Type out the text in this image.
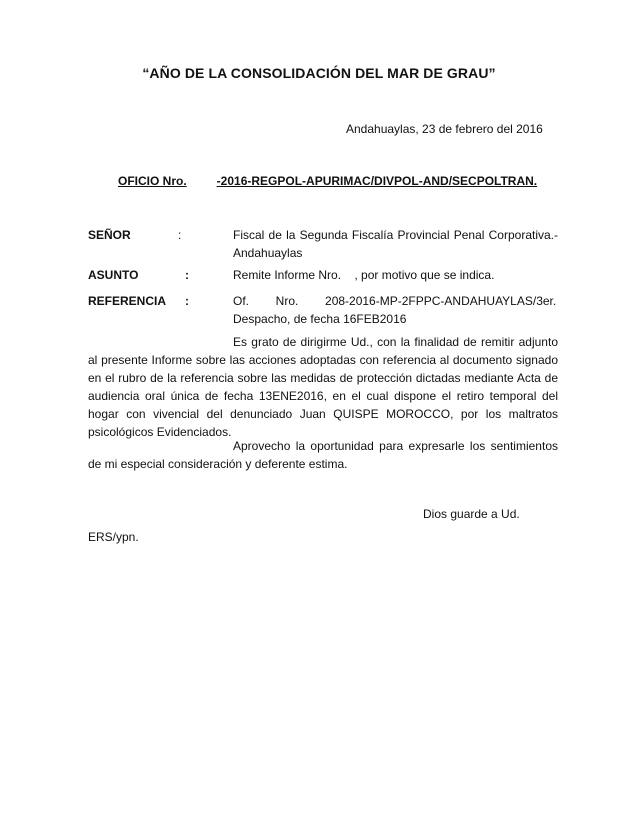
“AÑO DE LA CONSOLIDACIÓN DEL MAR DE GRAU”
Andahuaylas, 23 de febrero del 2016
OFICIO Nro.	-2016-REGPOL-APURIMAC/DIVPOL-AND/SECPOLTRAN.
SEÑOR	:	Fiscal de la Segunda Fiscalía Provincial Penal Corporativa.-
Andahuaylas
ASUNTO	:	Remite Informe Nro.    , por motivo que se indica.
REFERENCIA :	Of.        Nro.        208-2016-MP-2FPPC-ANDAHUAYLAS/3er.
Despacho, de fecha 16FEB2016
Es grato de dirigirme Ud., con la finalidad de remitir adjunto al presente Informe sobre las acciones adoptadas con referencia al documento signado en el rubro de la referencia sobre las medidas de protección dictadas mediante Acta de audiencia oral única de fecha 13ENE2016, en el cual dispone el retiro temporal del hogar con vivencial del denunciado Juan QUISPE MOROCCO, por los maltratos psicológicos Evidenciados.
Aprovecho la oportunidad para expresarle los sentimientos de mi especial consideración y deferente estima.
Dios guarde a Ud.
ERS/ypn.
